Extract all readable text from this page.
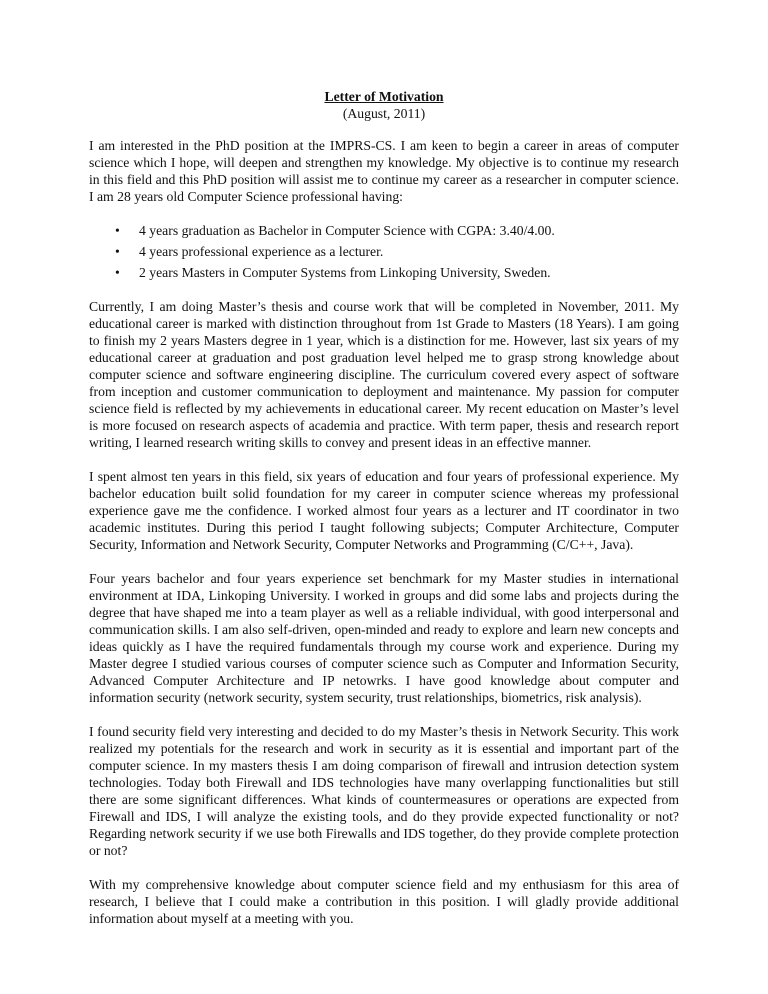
Letter of Motivation
(August, 2011)

I am interested in the PhD position at the IMPRS-CS. I am keen to begin a career in areas of computer science which I hope, will deepen and strengthen my knowledge. My objective is to continue my research in this field and this PhD position will assist me to continue my career as a researcher in computer science. I am 28 years old Computer Science professional having:

• 4 years graduation as Bachelor in Computer Science with CGPA: 3.40/4.00.
• 4 years professional experience as a lecturer.
• 2 years Masters in Computer Systems from Linkoping University, Sweden.

Currently, I am doing Master’s thesis and course work that will be completed in November, 2011. My educational career is marked with distinction throughout from 1st Grade to Masters (18 Years). I am going to finish my 2 years Masters degree in 1 year, which is a distinction for me. However, last six years of my educational career at graduation and post graduation level helped me to grasp strong knowledge about computer science and software engineering discipline. The curriculum covered every aspect of software from inception and customer communication to deployment and maintenance. My passion for computer science field is reflected by my achievements in educational career. My recent education on Master’s level is more focused on research aspects of academia and practice. With term paper, thesis and research report writing, I learned research writing skills to convey and present ideas in an effective manner.

I spent almost ten years in this field, six years of education and four years of professional experience. My bachelor education built solid foundation for my career in computer science whereas my professional experience gave me the confidence. I worked almost four years as a lecturer and IT coordinator in two academic institutes. During this period I taught following subjects; Computer Architecture, Computer Security, Information and Network Security, Computer Networks and Programming (C/C++, Java).

Four years bachelor and four years experience set benchmark for my Master studies in international environment at IDA, Linkoping University. I worked in groups and did some labs and projects during the degree that have shaped me into a team player as well as a reliable individual, with good interpersonal and communication skills. I am also self-driven, open-minded and ready to explore and learn new concepts and ideas quickly as I have the required fundamentals through my course work and experience. During my Master degree I studied various courses of computer science such as Computer and Information Security, Advanced Computer Architecture and IP netowrks. I have good knowledge about computer and information security (network security, system security, trust relationships, biometrics, risk analysis).

I found security field very interesting and decided to do my Master’s thesis in Network Security. This work realized my potentials for the research and work in security as it is essential and important part of the computer science. In my masters thesis I am doing comparison of firewall and intrusion detection system technologies. Today both Firewall and IDS technologies have many overlapping functionalities but still there are some significant differences. What kinds of countermeasures or operations are expected from Firewall and IDS, I will analyze the existing tools, and do they provide expected functionality or not? Regarding network security if we use both Firewalls and IDS together, do they provide complete protection or not?

With my comprehensive knowledge about computer science field and my enthusiasm for this area of research, I believe that I could make a contribution in this position. I will gladly provide additional information about myself at a meeting with you.
